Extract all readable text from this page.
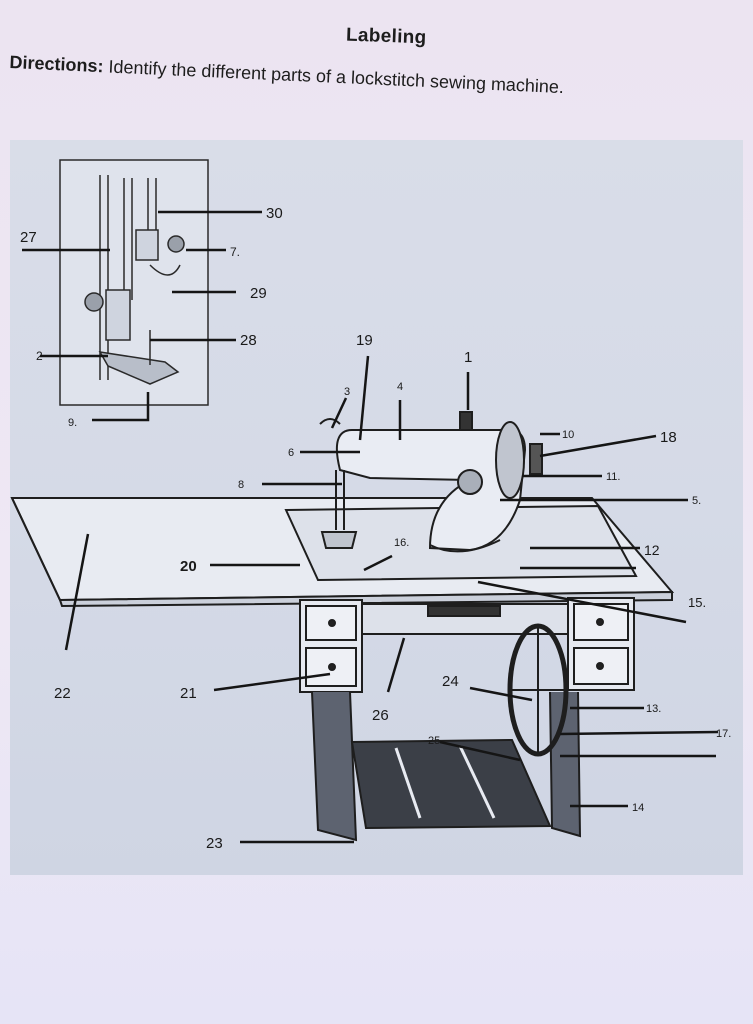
Labeling
Directions: Identify the different parts of a lockstitch sewing machine.
30
27
7.
29
28	19
2	1
3	4
9.
10	18
6
11.
8
5.
16.	12
20
15.
22	21
24
26	13.
17.
25
14
23
